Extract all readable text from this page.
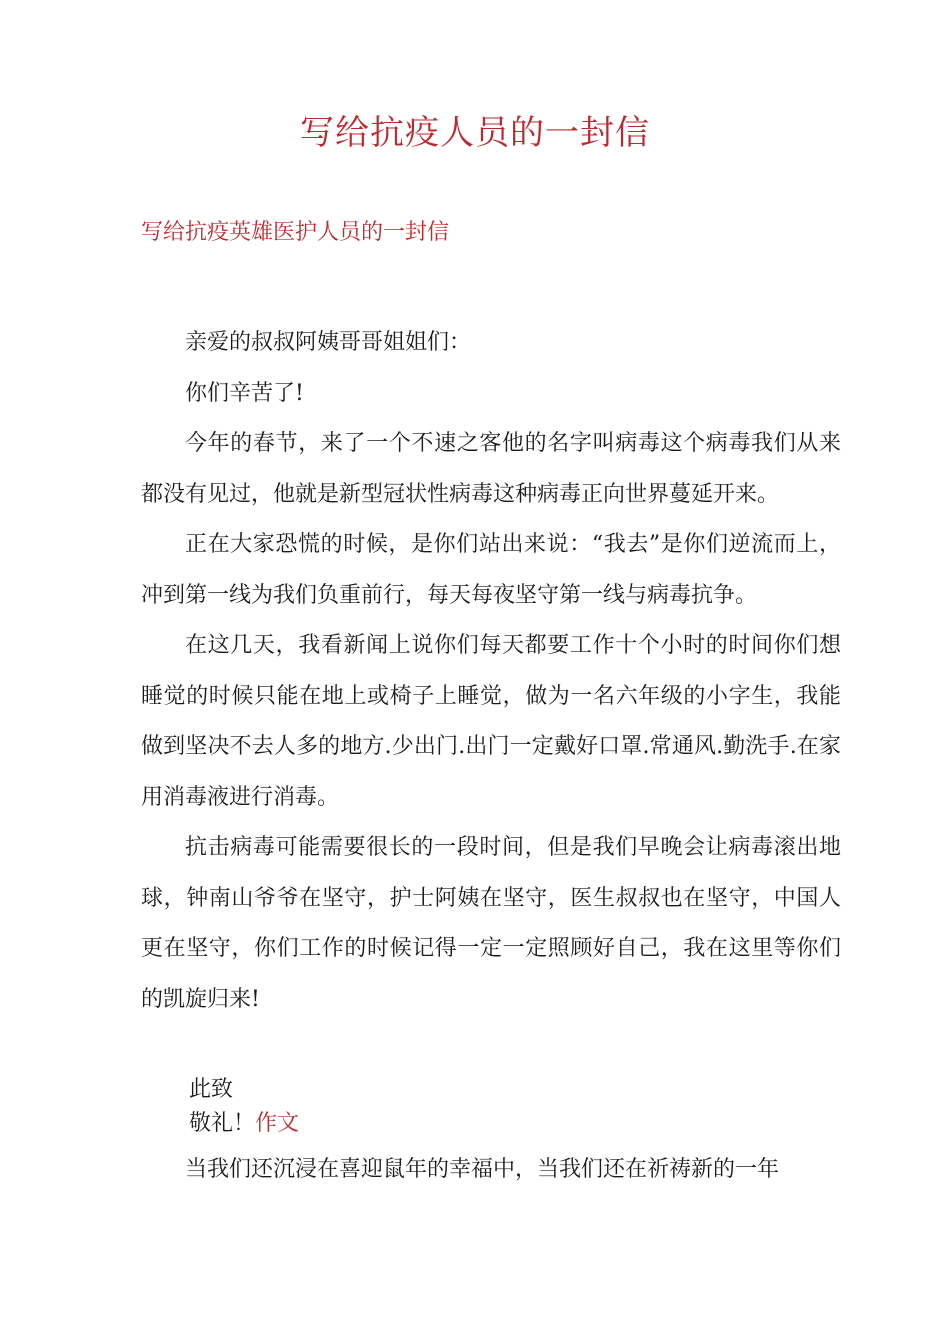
写给抗疫人员的一封信
写给抗疫英雄医护人员的一封信

亲爱的叔叔阿姨哥哥姐姐们：

你们辛苦了!

今年的春节，来了一个不速之客他的名字叫病毒这个病毒我们从来都没有见过，他就是新型冠状性病毒这种病毒正向世界蔓延开来。

正在大家恐慌的时候，是你们站出来说：“我去”是你们逆流而上，冲到第一线为我们负重前行，每天每夜坚守第一线与病毒抗争。

在这几天，我看新闻上说你们每天都要工作十个小时的时间你们想睡觉的时候只能在地上或椅子上睡觉，做为一名六年级的小字生，我能做到坚决不去人多的地方.少出门.出门一定戴好口罩.常通风.勤洗手.在家用消毒液进行消毒。

抗击病毒可能需要很长的一段时间，但是我们早晚会让病毒滚出地球，钟南山爷爷在坚守，护士阿姨在坚守，医生叔叔也在坚守，中国人更在坚守，你们工作的时候记得一定一定照顾好自己，我在这里等你们的凯旋归来!

此致
敬礼！作文

当我们还沉浸在喜迎鼠年的幸福中，当我们还在祈祷新的一年
